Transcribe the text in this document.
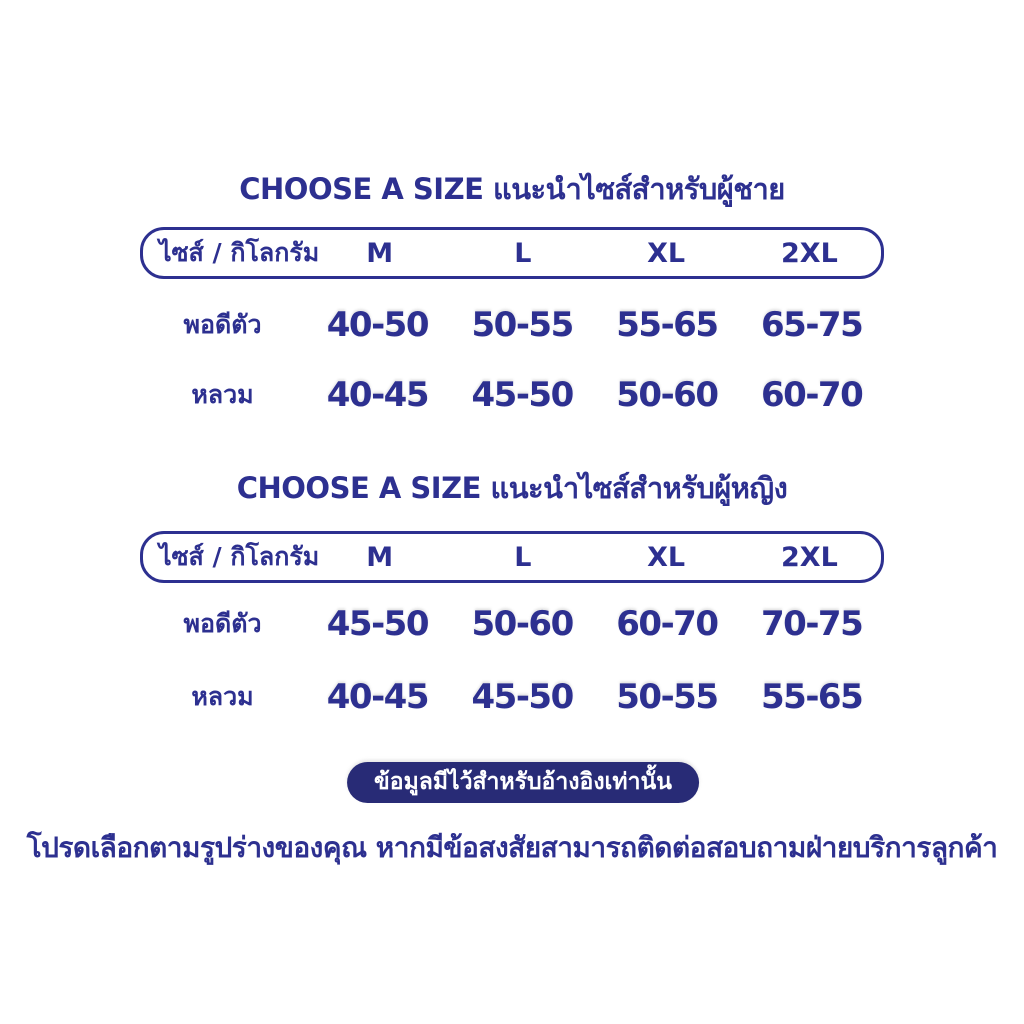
CHOOSE A SIZE แนะนำไซส์สำหรับผู้ชาย
ไซส์ / กิโลกรัม	M	L	XL	2XL
พอดีตัว	40-50	50-55	55-65	65-75
หลวม	40-45	45-50	50-60	60-70
CHOOSE A SIZE แนะนำไซส์สำหรับผู้หญิง
ไซส์ / กิโลกรัม	M	L	XL	2XL
พอดีตัว	45-50	50-60	60-70	70-75
หลวม	40-45	45-50	50-55	55-65
ข้อมูลมีไว้สำหรับอ้างอิงเท่านั้น
โปรดเลือกตามรูปร่างของคุณ หากมีข้อสงสัยสามารถติดต่อสอบถามฝ่ายบริการลูกค้า
